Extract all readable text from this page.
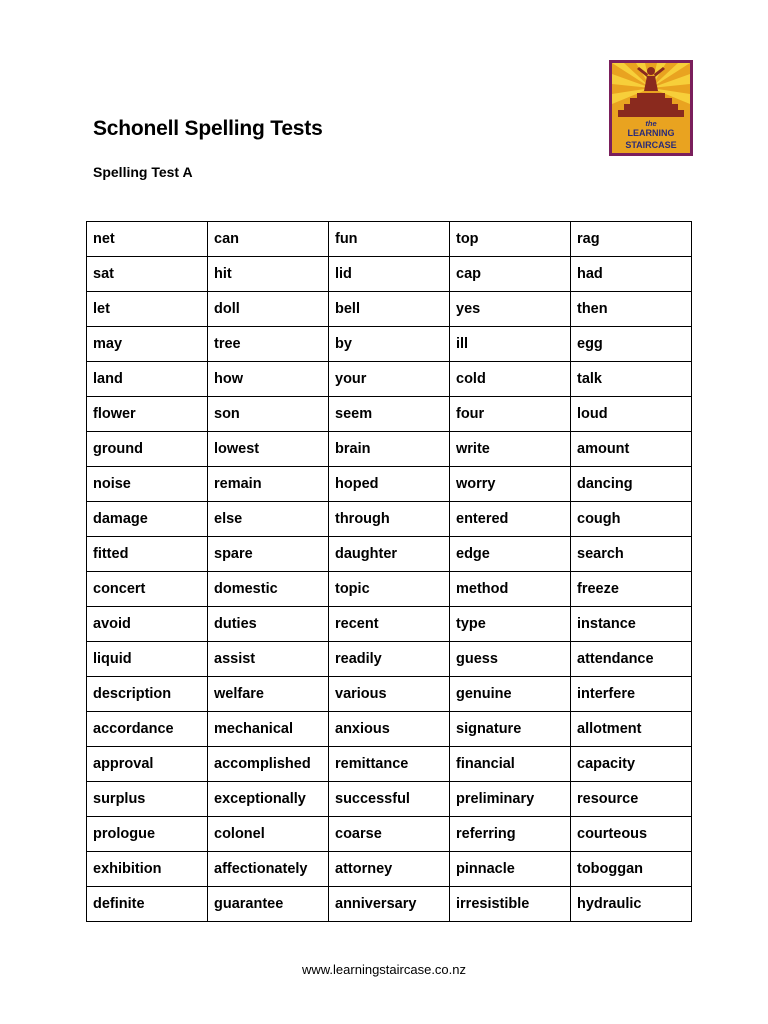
Schonell Spelling Tests
Spelling Test A
the
LEARNING
STAIRCASE
net	can	fun	top	rag
sat	hit	lid	cap	had
let	doll	bell	yes	then
may	tree	by	ill	egg
land	how	your	cold	talk
flower	son	seem	four	loud
ground	lowest	brain	write	amount
noise	remain	hoped	worry	dancing
damage	else	through	entered	cough
fitted	spare	daughter	edge	search
concert	domestic	topic	method	freeze
avoid	duties	recent	type	instance
liquid	assist	readily	guess	attendance
description	welfare	various	genuine	interfere
accordance	mechanical	anxious	signature	allotment
approval	accomplished	remittance	financial	capacity
surplus	exceptionally	successful	preliminary	resource
prologue	colonel	coarse	referring	courteous
exhibition	affectionately	attorney	pinnacle	toboggan
definite	guarantee	anniversary	irresistible	hydraulic
www.learningstaircase.co.nz
